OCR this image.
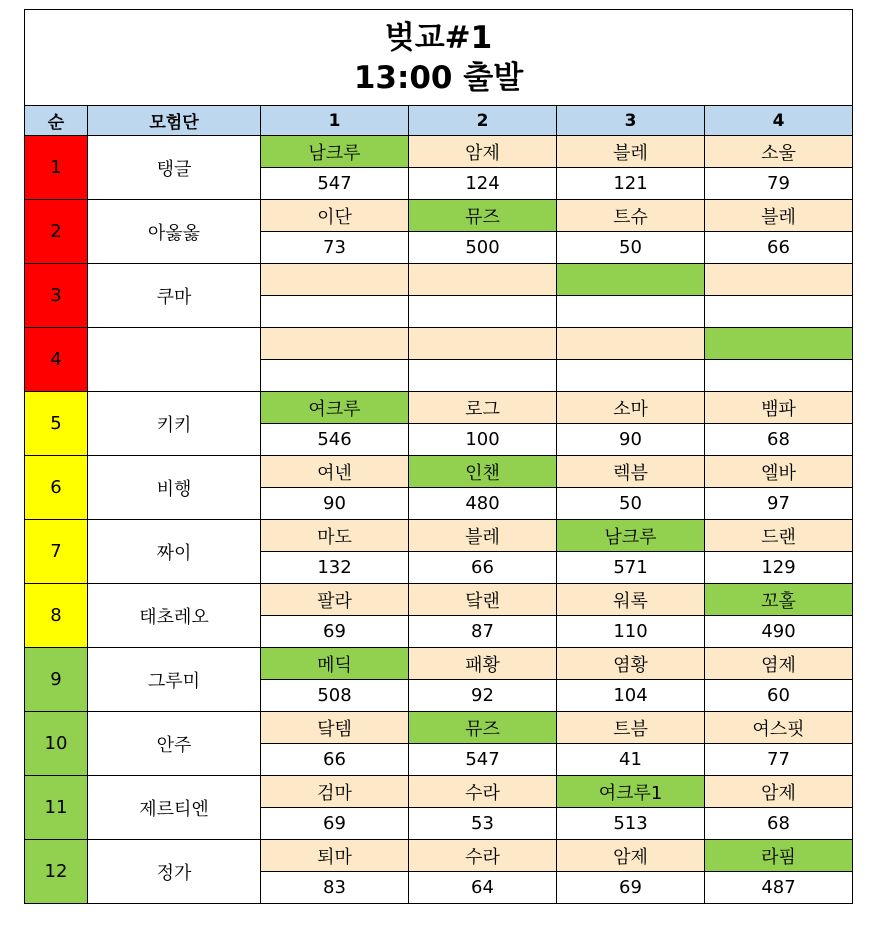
벚교#1
13:00 출발					

순	모험단	1	2	3	4
1	탱글	남크루	암제	블레	소울
		547	124	121	79
2	아옳옳	이단	뮤즈	트슈	블레
		73	500	50	66
3	쿠마				

4					

5	키키	여크루	로그	소마	뱀파
		546	100	90	68
6	비행	여넨	인챈	렉븜	엘바
		90	480	50	97
7	짜이	마도	블레	남크루	드랜
		132	66	571	129
8	태초레오	팔라	닼랜	워록	꼬홀
		69	87	110	490
9	그루미	메딕	패황	염황	염제
		508	92	104	60
10	안주	닼템	뮤즈	트븜	여스핏
		66	547	41	77
11	제르티엔	검마	수라	여크루1	암제
		69	53	513	68
12	정가	퇴마	수라	암제	라핌
		83	64	69	487
